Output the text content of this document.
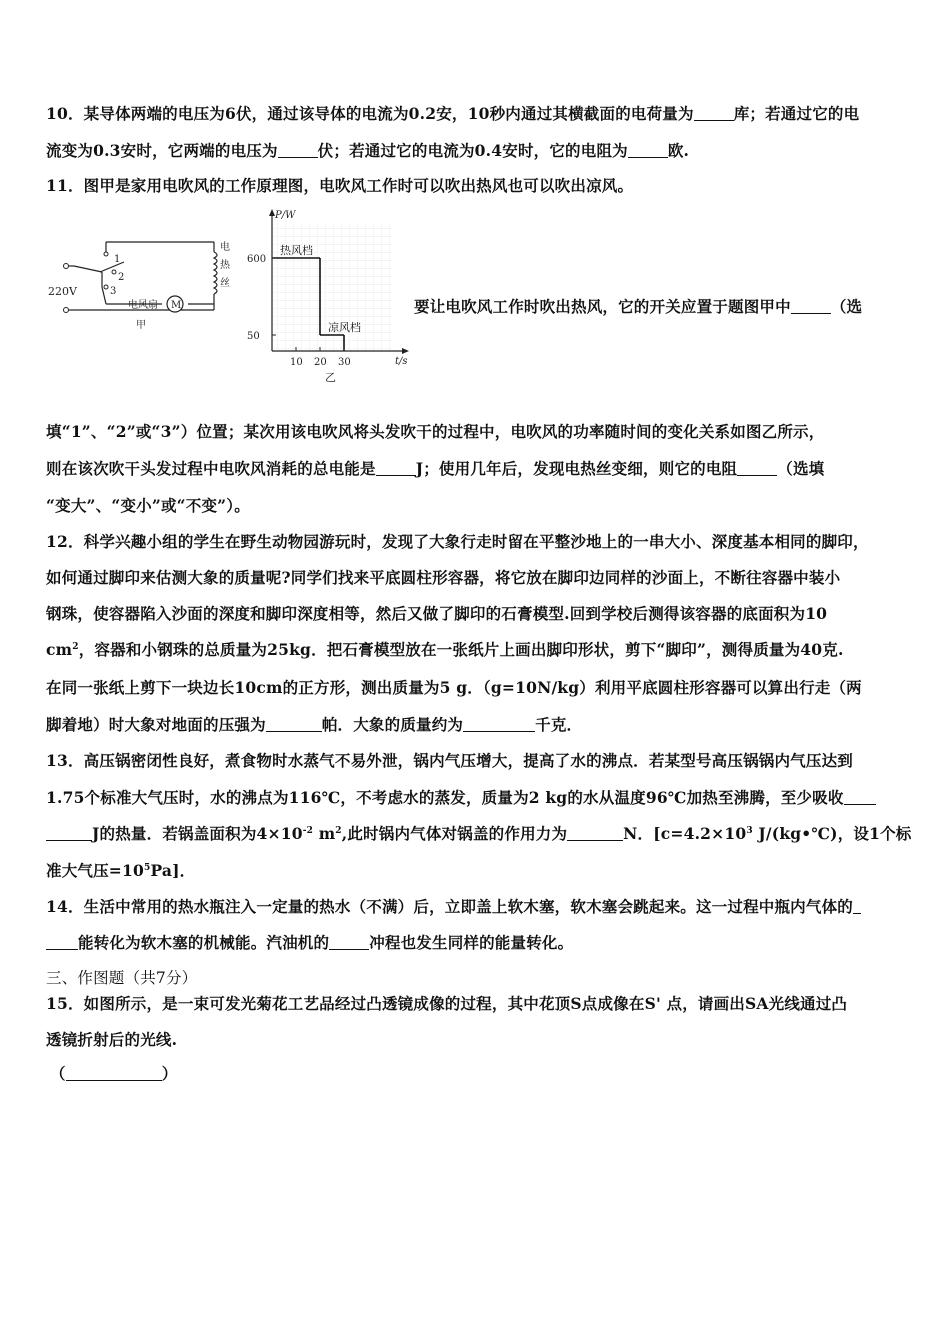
10．某导体两端的电压为6伏，通过该导体的电流为0.2安，10秒内通过其横截面的电荷量为	库；若通过它的电
流变为0.3安时，它两端的电压为	伏；若通过它的电流为0.4安时，它的电阻为	欧.
11．图甲是家用电吹风的工作原理图，电吹风工作时可以吹出热风也可以吹出凉风。
M
1
2
3
220V
电风扇
电
热
丝
甲
热风档
凉风档
600
50
10 20 30
P/W
t/s
乙
要让电吹风工作时吹出热风，它的开关应置于题图甲中	（选
填“1”、“2”或“3”）位置；某次用该电吹风将头发吹干的过程中，电吹风的功率随时间的变化关系如图乙所示，
则在该次吹干头发过程中电吹风消耗的总电能是	J；使用几年后，发现电热丝变细，则它的电阻	（选填
“变大”、“变小”或“不变”）。
12．科学兴趣小组的学生在野生动物园游玩时，发现了大象行走时留在平整沙地上的一串大小、深度基本相同的脚印，
如何通过脚印来估测大象的质量呢?同学们找来平底圆柱形容器，将它放在脚印边同样的沙面上，不断往容器中装小
钢珠，使容器陷入沙面的深度和脚印深度相等，然后又做了脚印的石膏模型.回到学校后测得该容器的底面积为10
$cm^2$，容器和小钢珠的总质量为25kg．把石膏模型放在一张纸片上画出脚印形状，剪下“脚印”，测得质量为40克.
在同一张纸上剪下一块边长10cm的正方形，测出质量为5 g．（g=10N/kg）利用平底圆柱形容器可以算出行走（两
脚着地）时大象对地面的压强为	帕．大象的质量约为	千克．
13．高压锅密闭性良好，煮食物时水蒸气不易外泄，锅内气压增大，提高了水的沸点．若某型号高压锅锅内气压达到
1.75个标准大气压时，水的沸点为116℃，不考虑水的蒸发，质量为2 kg的水从温度96℃加热至沸腾，至少吸收
J的热量．若锅盖面积为$4\times 10^{-2}$ $m^2$,此时锅内气体对锅盖的作用力为	N．[$c=4.2\times 10^3$ J/(kg•℃)，设1个标
准大气压$=10^5Pa$]．
14．生活中常用的热水瓶注入一定量的热水（不满）后，立即盖上软木塞，软木塞会跳起来。这一过程中瓶内气体的
能转化为软木塞的机械能。汽油机的	冲程也发生同样的能量转化。
三、作图题（共7分）
15．如图所示，是一束可发光菊花工艺品经过凸透镜成像的过程，其中花顶S点成像在S' 点，请画出SA光线通过凸
透镜折射后的光线.
（	）
